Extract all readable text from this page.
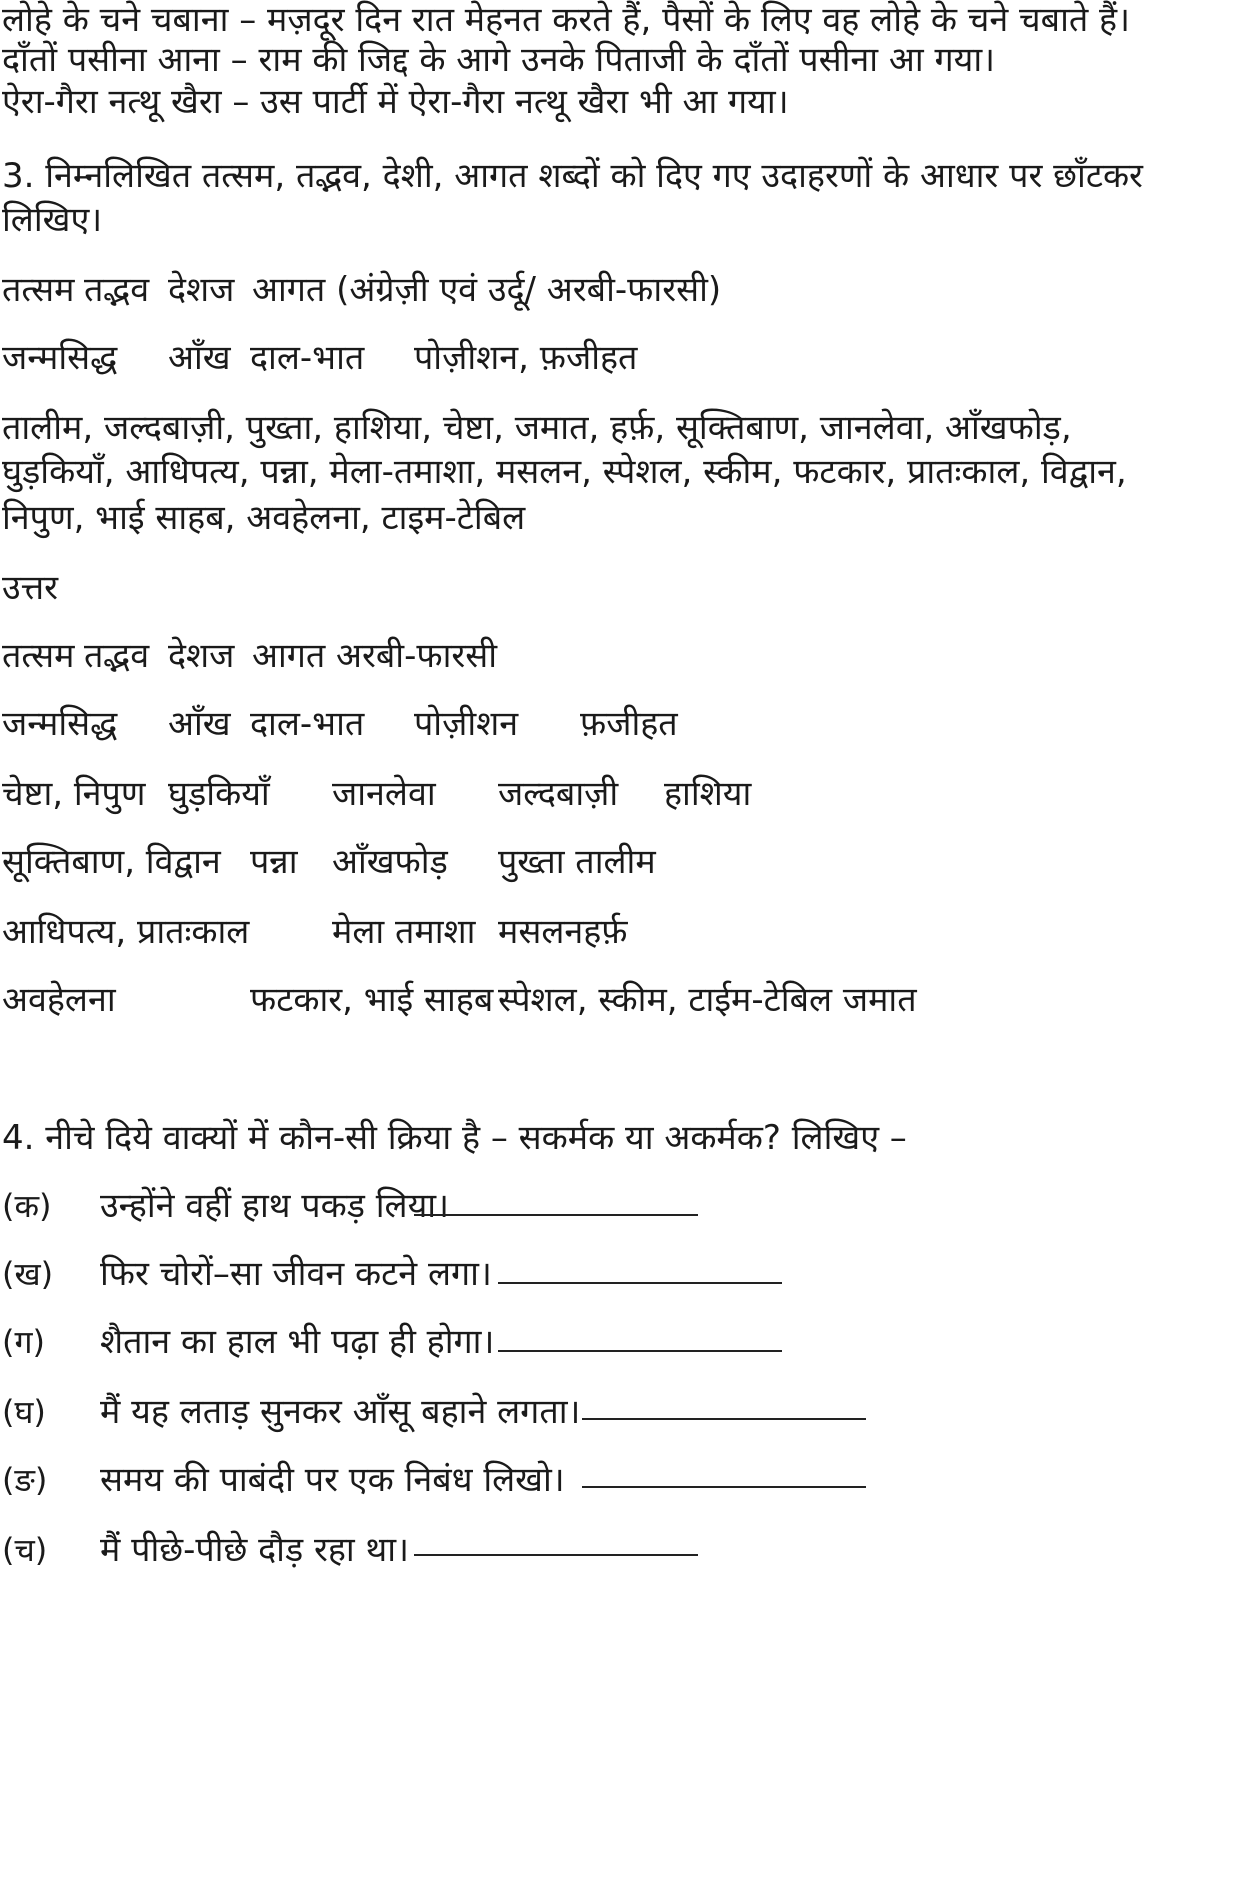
लोहे के चने चबाना – मज़दूर दिन रात मेहनत करते हैं, पैसों के लिए वह लोहे के चने चबाते हैं।
दाँतों पसीना आना – राम की जिद्द के आगे उनके पिताजी के दाँतों पसीना आ गया।
ऐरा-गैरा नत्थू खैरा – उस पार्टी में ऐरा-गैरा नत्थू खैरा भी आ गया।
3. निम्नलिखित तत्सम, तद्भव, देशी, आगत शब्दों को दिए गए उदाहरणों के आधार पर छाँटकर
लिखिए।
तत्सम तद्भव देशज आगत (अंग्रेज़ी एवं उर्दू/ अरबी-फारसी)
जन्मसिद्ध आँख दाल-भात पोज़ीशन, फ़जीहत
तालीम, जल्दबाज़ी, पुख्ता, हाशिया, चेष्टा, जमात, हर्फ़, सूक्तिबाण, जानलेवा, आँखफोड़,
घुड़कियाँ, आधिपत्य, पन्ना, मेला-तमाशा, मसलन, स्पेशल, स्कीम, फटकार, प्रातःकाल, विद्वान,
निपुण, भाई साहब, अवहेलना, टाइम-टेबिल
उत्तर
तत्सम तद्भव देशज आगत अरबी-फारसी
जन्मसिद्ध आँख दाल-भात पोज़ीशन फ़जीहत
चेष्टा, निपुण घुड़कियाँ जानलेवा जल्दबाज़ी हाशिया
सूक्तिबाण, विद्वान पन्ना आँखफोड़ पुख्ता तालीम
आधिपत्य, प्रातःकाल मेला तमाशा मसलनहर्फ़
अवहेलना	फटकार, भाई साहब स्पेशल, स्कीम, टाईम-टेबिल जमात
4. नीचे दिये वाक्यों में कौन-सी क्रिया है – सकर्मक या अकर्मक? लिखिए –
(क) उन्होंने वहीं हाथ पकड़ लिया।
(ख) फिर चोरों–सा जीवन कटने लगा।
(ग) शैतान का हाल भी पढ़ा ही होगा।
(घ) मैं यह लताड़ सुनकर आँसू बहाने लगता।
(ङ) समय की पाबंदी पर एक निबंध लिखो।
(च) मैं पीछे-पीछे दौड़ रहा था।
